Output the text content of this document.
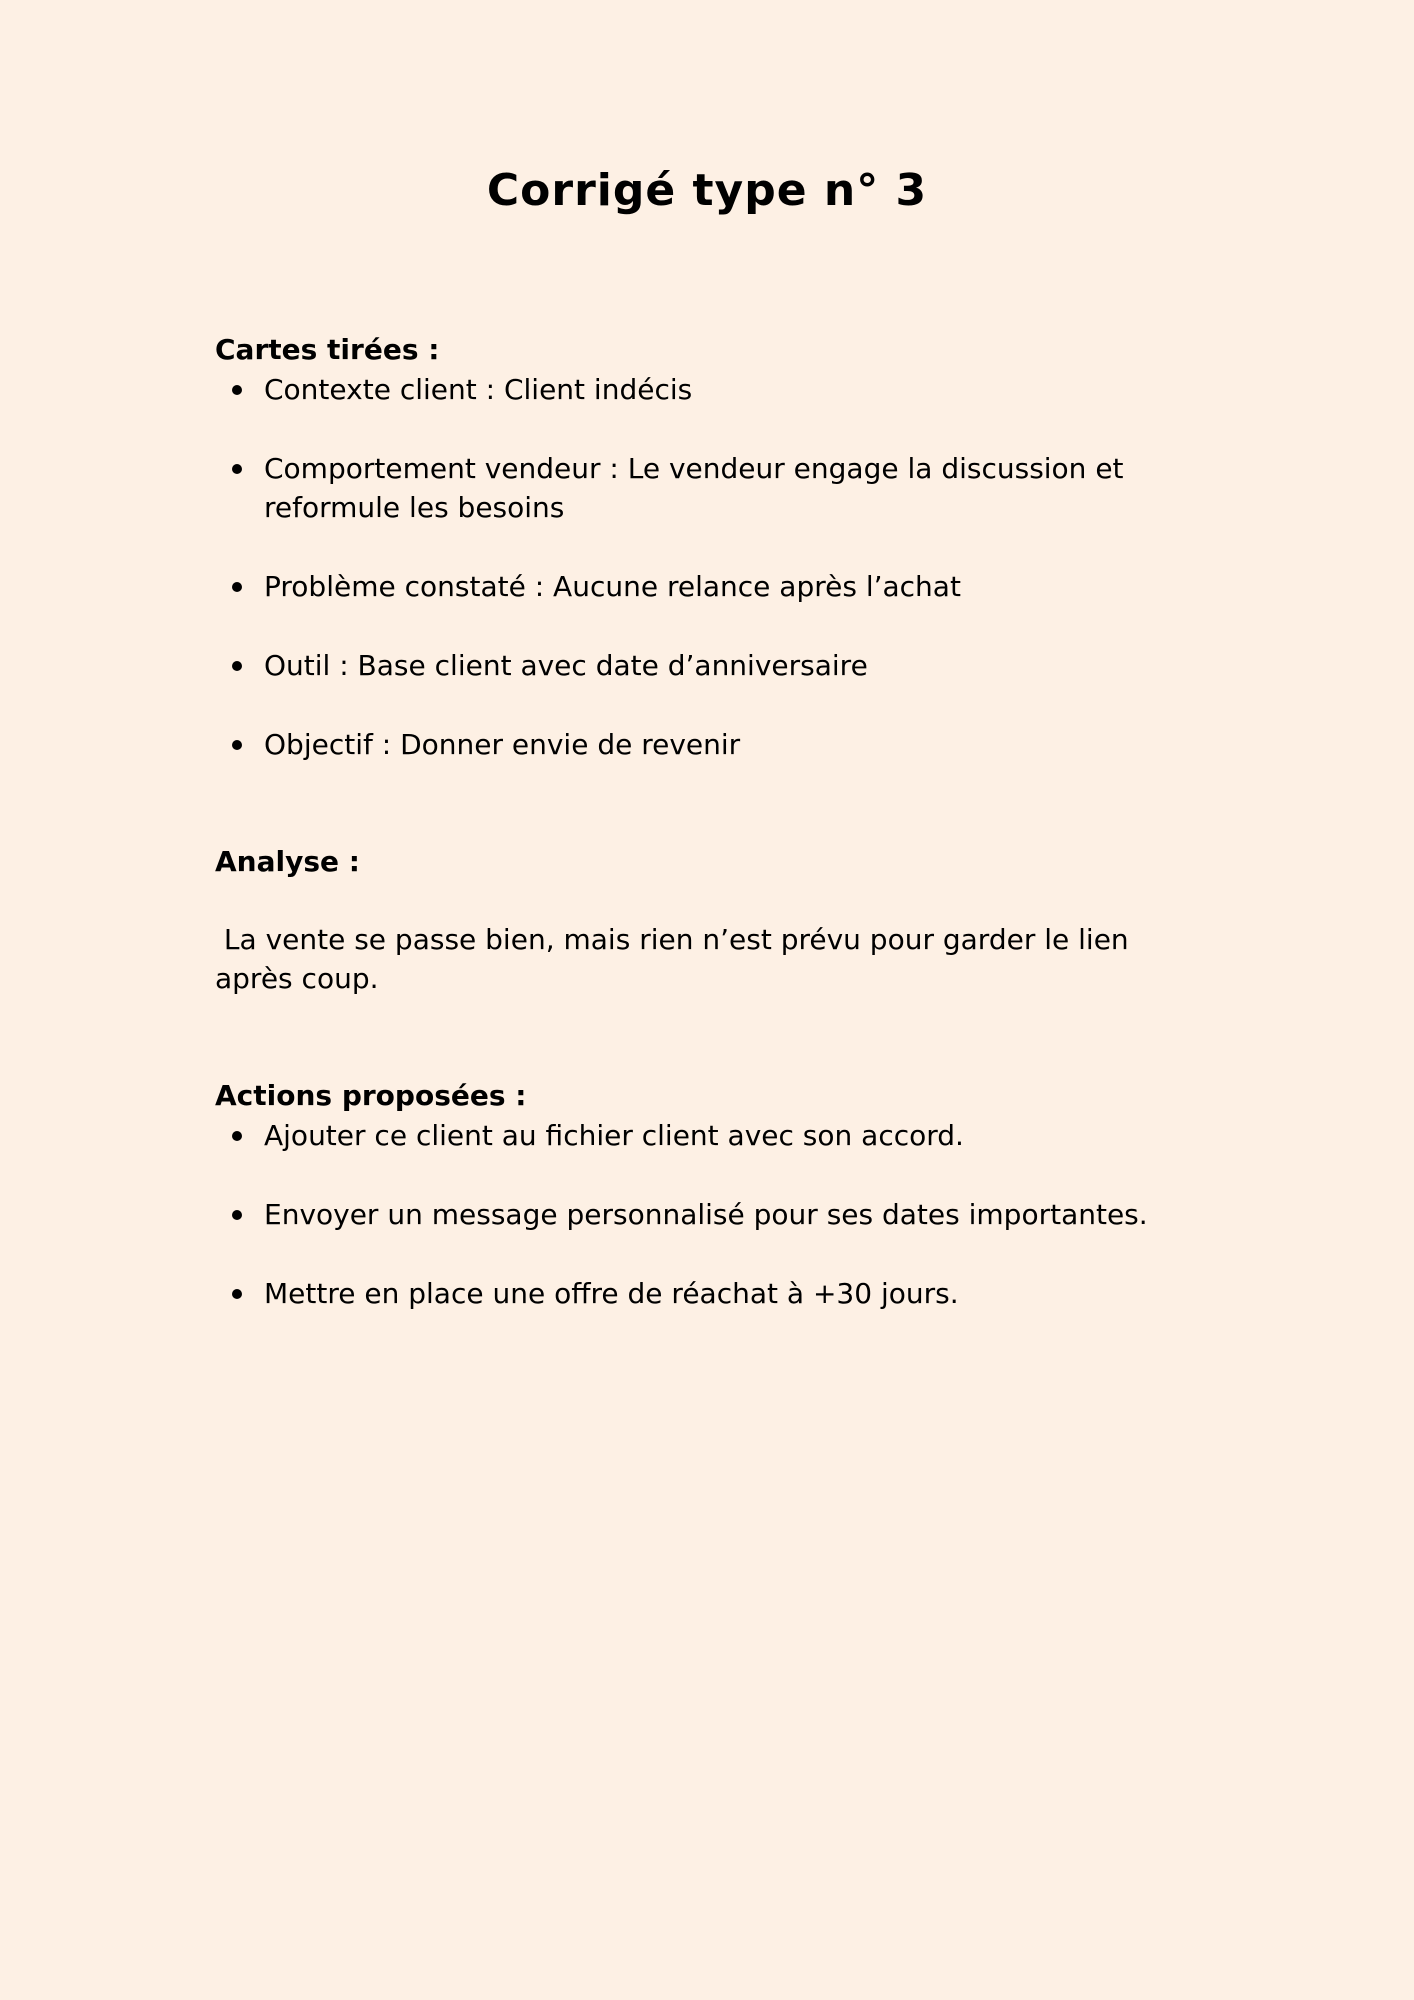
Corrigé type n° 3

Cartes tirées :

Contexte client : Client indécis
Comportement vendeur : Le vendeur engage la discussion et reformule les besoins
Problème constaté : Aucune relance après l’achat
Outil : Base client avec date d’anniversaire
Objectif : Donner envie de revenir

Analyse :

La vente se passe bien, mais rien n’est prévu pour garder le lien après coup.

Actions proposées :

Ajouter ce client au fichier client avec son accord.
Envoyer un message personnalisé pour ses dates importantes.
Mettre en place une offre de réachat à +30 jours.
